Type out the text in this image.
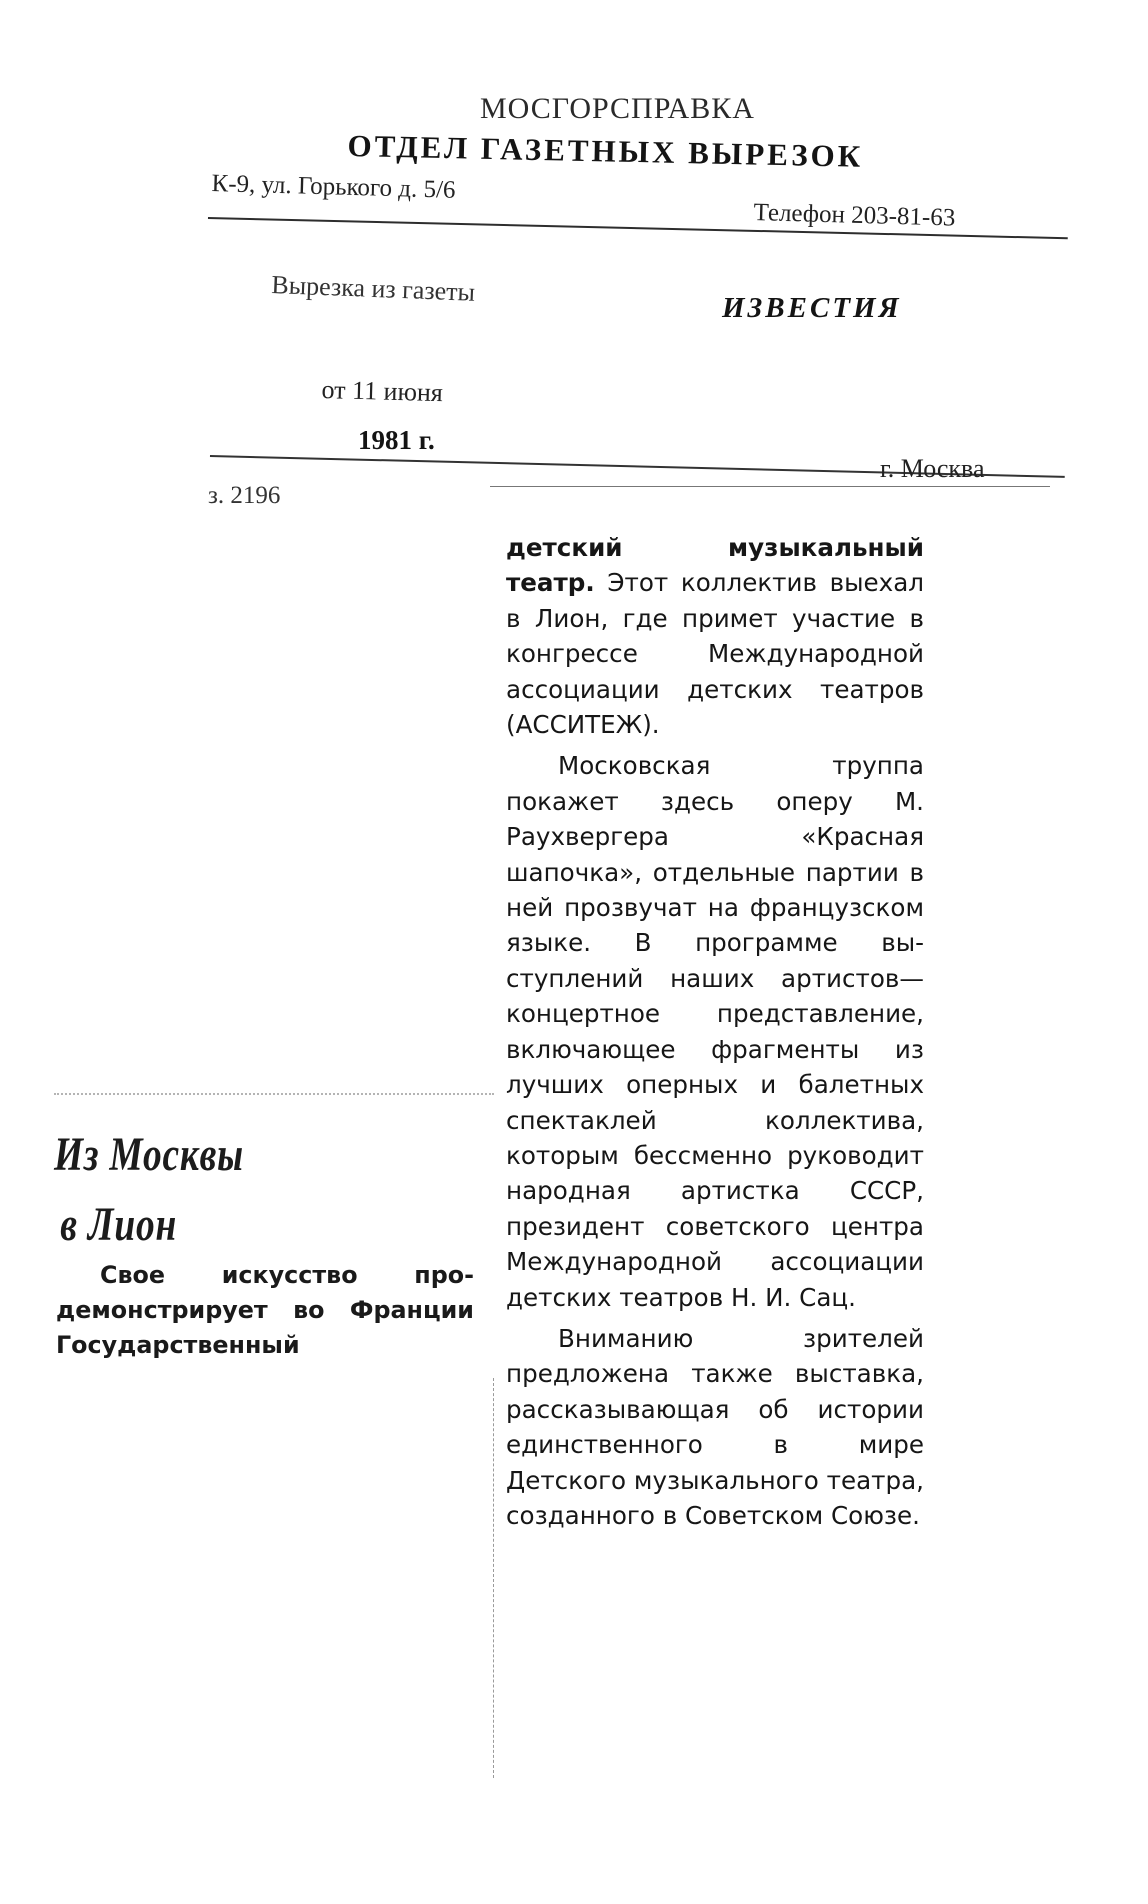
МОСГОРСПРАВКА
ОТДЕЛ ГАЗЕТНЫХ ВЫРЕЗОК
К-9, ул. Горького д. 5/6
Телефон 203-81-63
Вырезка из газеты
ИЗВЕСТИЯ
от 11 июня
1981 г.
г. Москва
з. 2196
Из Москвы
в Лион
Свое искусство продемонстрирует во Франции Государственный

детский музыкальный театр. Этот коллектив выехал в Лион, где примет участие в конгрессе Международной ассоциации детских театров (АССИТЕЖ).

Московская труппа покажет здесь оперу М. Раухвергера «Красная шапочка», отдельные партии в ней прозвучат на французском языке. В программе выступлений наших артистов—концертное представление, включающее фрагменты из лучших оперных и балетных спектаклей коллектива, которым бессменно руководит народная артистка СССР, президент советского центра Международной ассоциации детских театров Н. И. Сац.

Вниманию зрителей предложена также выставка, рассказывающая об истории единственного в мире Детского музыкального театра, созданного в Советском Союзе.
